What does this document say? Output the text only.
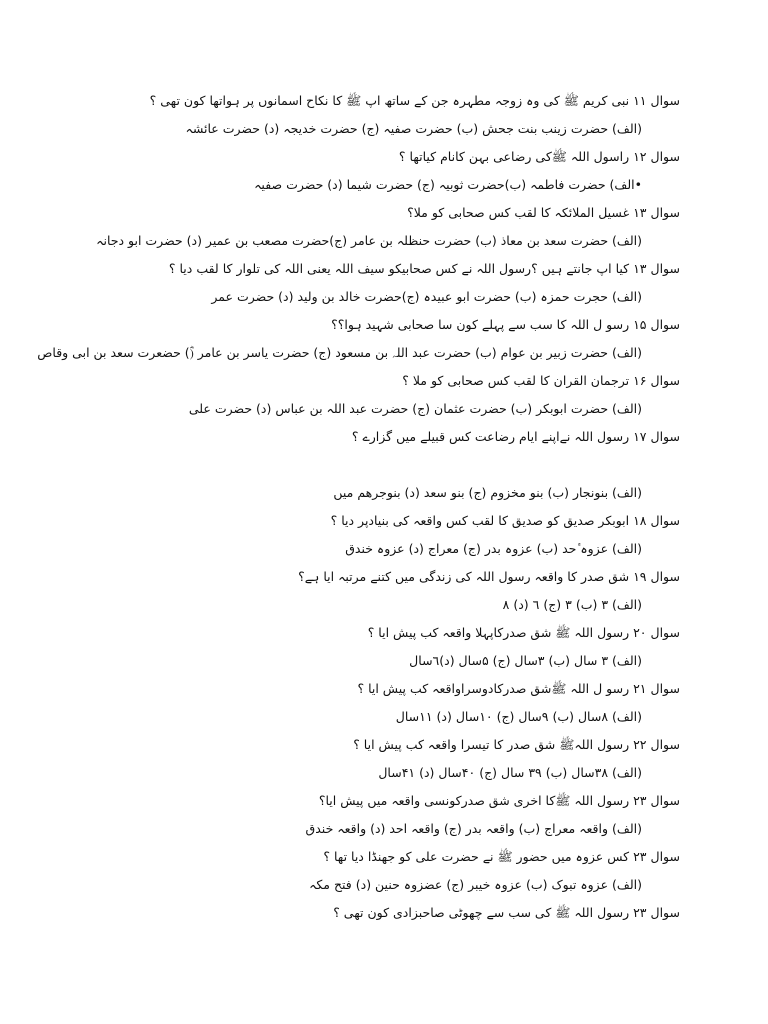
سوال ۱۱ نبی کریم ﷺ کی وہ زوجہ مطہرہ جن کے ساتھ اپ ﷺ کا نکاح اسمانوں پر ہواتھا کون تھی ؟
(الف) حضرت زینب بنت جحش (ب) حضرت صفیہ (ج) حضرت خدیجہ (د) حضرت عائشہ
سوال ۱۲ راسول اللہ ﷺکی رضاعی بہن کانام کیاتھا ؟
•الف) حضرت فاطمہ (ب)حضرت ثوبیہ (ج) حضرت شیما (د) حضرت صفیہ
سوال ۱۳ غسیل الملائکہ کا لقب کس صحابی کو ملا؟
(الف) حضرت سعد بن معاذ (ب) حضرت حنظلہ بن عامر (ج)حضرت مصعب بن عمیر (د) حضرت ابو دجانہ
سوال ۱۳ کیا اپ جانتے ہیں ؟رسول اللہ نے کس صحابیکو سیف اللہ یعنی اللہ کی تلوار کا لقب دیا ؟
(الف) حجرت حمزہ (ب) حضرت ابو عبیدہ (ج)حضرت خالد بن ولید (د) حضرت عمر
سوال ۱۵ رسو ل اللہ کا سب سے پہلے کون سا صحابی شہید ہوا؟؟
(الف) حضرت زبیر بن عوام (ب) حضرت عبد اللہ بن مسعود (ج) حضرت یاسر بن عامر (ؓ) حضعرت سعد بن ابی وقاص
سوال ۱۶ ترجمان القران کا لقب کس صحابی کو ملا ؟
(الف) حضرت ابوبکر (ب) حضرت عثمان (ج) حضرت عبد اللہ بن عباس (د) حضرت علی
سوال ۱۷ رسول اللہ نےاپنے ایام رضاعت کس قبیلے میں گزارے ؟
(الف) بنونجار (ب) بنو مخزوم (ج) بنو سعد (د) بنوجرھم میں
سوال ۱۸ ابوبکر صدیق کو صدیق کا لقب کس واقعہ کی بنیادپر دیا ؟
(الف) عزوہ ٔحد (ب) عزوہ بدر (ج) معراج (د) عزوہ خندق
سوال ۱۹ شق صدر کا واقعہ رسول اللہ کی زندگی میں کتنے مرتبہ ایا ہے؟
(الف) ۳ (ب) ۳ (ج) ٦ (د) ۸
سوال ۲۰ رسول اللہ ﷺ شق صدرکاپہلا واقعہ کب پیش ایا ؟
(الف) ۳ سال (ب) ۳سال (ج) ۵سال (د)٦سال
سوال ۲۱ رسو ل اللہ ﷺشق صدرکادوسراواقعہ کب پیش ایا ؟
(الف) ۸سال (ب) ۹سال (ج) ۱۰سال (د) ۱۱سال
سوال ۲۲ رسول اللہﷺ شق صدر کا تیسرا واقعہ کب پیش ایا ؟
(الف) ۳۸سال (ب) ۳۹ سال (ج) ۴۰سال (د) ۴۱سال
سوال ۲۳ رسول اللہ ﷺکا اخری شق صدرکونسی واقعہ میں پیش ایا؟
(الف) واقعہ معراج (ب) واقعہ بدر (ج) واقعہ احد (د) واقعہ خندق
سوال ۲۳ کس عزوہ میں حضور ﷺ نے حضرت علی کو جھنڈا دیا تھا ؟
(الف) عزوہ تبوک (ب) عزوہ خیبر (ج) عضزوہ حنین (د) فتح مکہ
سوال ۲۳ رسول اللہ ﷺ کی سب سے چھوٹی صاحبزادی کون تھی ؟
